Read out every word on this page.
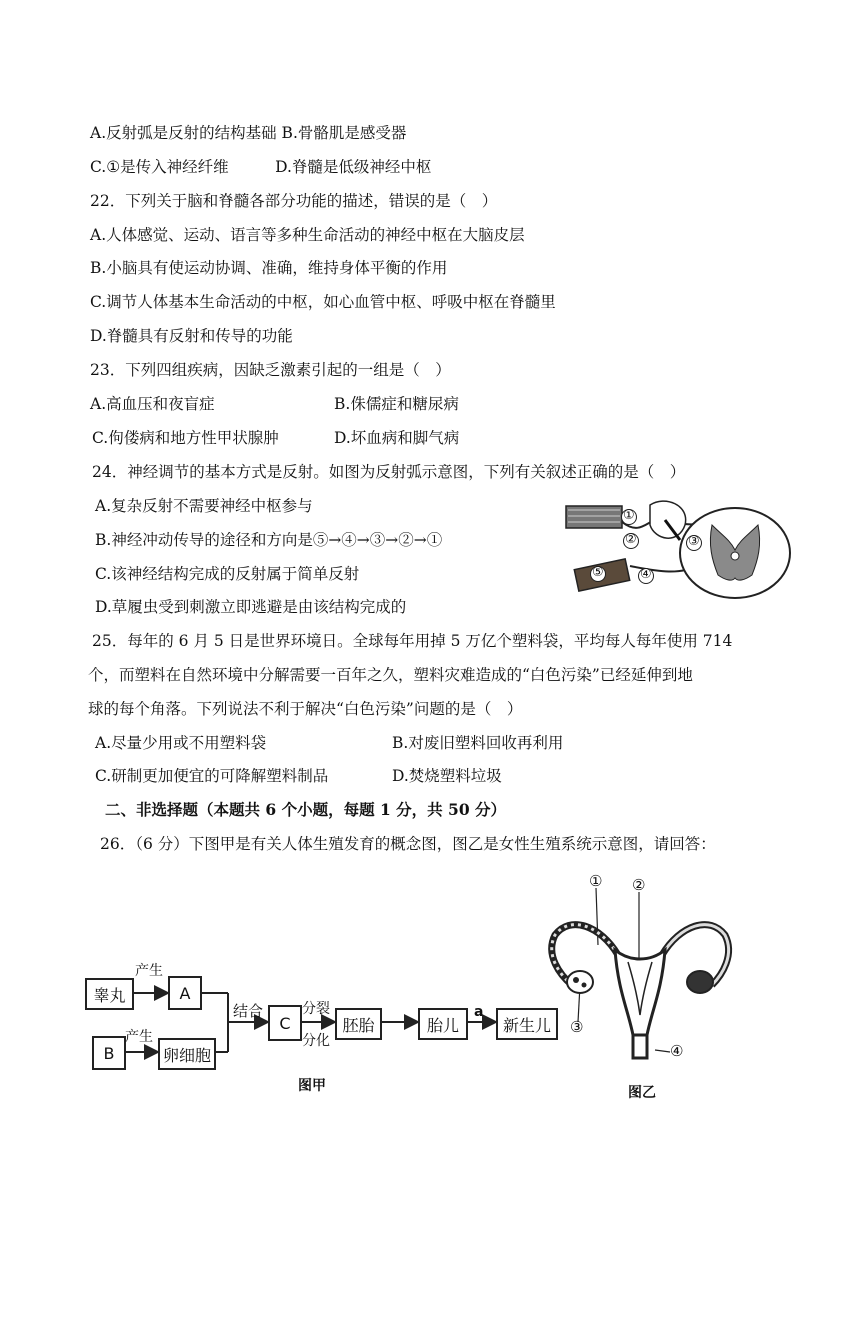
A.反射弧是反射的结构基础 B.骨骼肌是感受器
C.①是传入神经纤维　　　D.脊髓是低级神经中枢
22．下列关于脑和脊髓各部分功能的描述，错误的是（　）
A.人体感觉、运动、语言等多种生命活动的神经中枢在大脑皮层
B.小脑具有使运动协调、准确，维持身体平衡的作用
C.调节人体基本生命活动的中枢，如心血管中枢、呼吸中枢在脊髓里
D.脊髓具有反射和传导的功能
23．下列四组疾病，因缺乏激素引起的一组是（　）
A.高血压和夜盲症	B.侏儒症和糖尿病
C.佝偻病和地方性甲状腺肿	D.坏血病和脚气病
24．神经调节的基本方式是反射。如图为反射弧示意图，下列有关叙述正确的是（　）
A.复杂反射不需要神经中枢参与
B.神经冲动传导的途径和方向是⑤→④→③→②→①
C.该神经结构完成的反射属于简单反射
D.草履虫受到刺激立即逃避是由该结构完成的
25．每年的 6 月 5 日是世界环境日。全球每年用掉 5 万亿个塑料袋，平均每人每年使用 714
个，而塑料在自然环境中分解需要一百年之久，塑料灾难造成的“白色污染”已经延伸到地
球的每个角落。下列说法不利于解决“白色污染”问题的是（　）
A.尽量少用或不用塑料袋	B.对废旧塑料回收再利用
C.研制更加便宜的可降解塑料制品	D.焚烧塑料垃圾
二、非选择题（本题共 6 个小题，每题 1 分，共 50 分）
26．（6 分）下图甲是有关人体生殖发育的概念图，图乙是女性生殖系统示意图，请回答：
①
②	③
④
⑤
睾丸	A
B	卵细胞
C	胚胎	胎儿	新生儿
产生
产生
结合	分裂
分化
a
图甲
① ②
③
④
图乙
